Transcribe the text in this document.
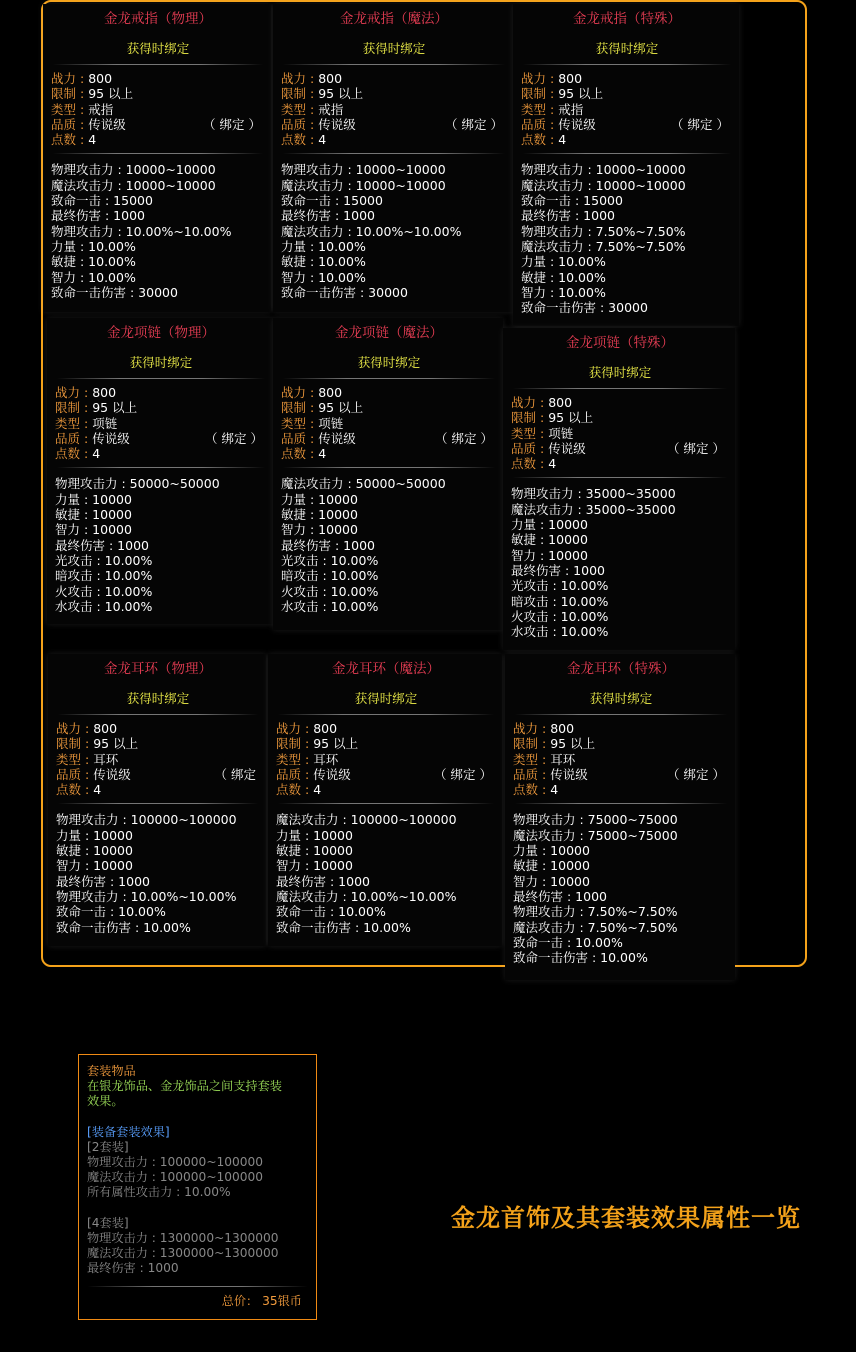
金龙戒指（物理）
获得时绑定
战力 : 800
限制 : 95 以上
类型 : 戒指
品质 : 传说级	（ 绑定 ）
点数 : 4
物理攻击力 : 10000~10000
魔法攻击力 : 10000~10000
致命一击 : 15000
最终伤害 : 1000
物理攻击力 : 10.00%~10.00%
力量 : 10.00%
敏捷 : 10.00%
智力 : 10.00%
致命一击伤害 : 30000
金龙戒指（魔法）
获得时绑定
战力 : 800
限制 : 95 以上
类型 : 戒指
品质 : 传说级	（ 绑定 ）
点数 : 4
物理攻击力 : 10000~10000
魔法攻击力 : 10000~10000
致命一击 : 15000
最终伤害 : 1000
魔法攻击力 : 10.00%~10.00%
力量 : 10.00%
敏捷 : 10.00%
智力 : 10.00%
致命一击伤害 : 30000
金龙戒指（特殊）
获得时绑定
战力 : 800
限制 : 95 以上
类型 : 戒指
品质 : 传说级	（ 绑定 ）
点数 : 4
物理攻击力 : 10000~10000
魔法攻击力 : 10000~10000
致命一击 : 15000
最终伤害 : 1000
物理攻击力 : 7.50%~7.50%
魔法攻击力 : 7.50%~7.50%
力量 : 10.00%
敏捷 : 10.00%
智力 : 10.00%
致命一击伤害 : 30000
金龙项链（物理）
获得时绑定
战力 : 800
限制 : 95 以上
类型 : 项链
品质 : 传说级	（ 绑定 ）
点数 : 4
物理攻击力 : 50000~50000
力量 : 10000
敏捷 : 10000
智力 : 10000
最终伤害 : 1000
光攻击 : 10.00%
暗攻击 : 10.00%
火攻击 : 10.00%
水攻击 : 10.00%
金龙项链（魔法）
获得时绑定
战力 : 800
限制 : 95 以上
类型 : 项链
品质 : 传说级	（ 绑定 ）
点数 : 4
魔法攻击力 : 50000~50000
力量 : 10000
敏捷 : 10000
智力 : 10000
最终伤害 : 1000
光攻击 : 10.00%
暗攻击 : 10.00%
火攻击 : 10.00%
水攻击 : 10.00%
金龙项链（特殊）
获得时绑定
战力 : 800
限制 : 95 以上
类型 : 项链
品质 : 传说级	（ 绑定 ）
点数 : 4
物理攻击力 : 35000~35000
魔法攻击力 : 35000~35000
力量 : 10000
敏捷 : 10000
智力 : 10000
最终伤害 : 1000
光攻击 : 10.00%
暗攻击 : 10.00%
火攻击 : 10.00%
水攻击 : 10.00%
金龙耳环（物理）
获得时绑定
战力 : 800
限制 : 95 以上
类型 : 耳环
品质 : 传说级	（ 绑定
点数 : 4
物理攻击力 : 100000~100000
力量 : 10000
敏捷 : 10000
智力 : 10000
最终伤害 : 1000
物理攻击力 : 10.00%~10.00%
致命一击 : 10.00%
致命一击伤害 : 10.00%
金龙耳环（魔法）
获得时绑定
战力 : 800
限制 : 95 以上
类型 : 耳环
品质 : 传说级	（ 绑定 ）
点数 : 4
魔法攻击力 : 100000~100000
力量 : 10000
敏捷 : 10000
智力 : 10000
最终伤害 : 1000
魔法攻击力 : 10.00%~10.00%
致命一击 : 10.00%
致命一击伤害 : 10.00%
金龙耳环（特殊）
获得时绑定
战力 : 800
限制 : 95 以上
类型 : 耳环
品质 : 传说级	（ 绑定 ）
点数 : 4
物理攻击力 : 75000~75000
魔法攻击力 : 75000~75000
力量 : 10000
敏捷 : 10000
智力 : 10000
最终伤害 : 1000
物理攻击力 : 7.50%~7.50%
魔法攻击力 : 7.50%~7.50%
致命一击 : 10.00%
致命一击伤害 : 10.00%
套装物品
在银龙饰品、金龙饰品之间支持套装
效果。
[装备套装效果]
[2套装]
物理攻击力 : 100000~100000
魔法攻击力 : 100000~100000
所有属性攻击力 : 10.00%
[4套装]
物理攻击力 : 1300000~1300000
魔法攻击力 : 1300000~1300000
最终伤害 : 1000
总价： 35银币
金龙首饰及其套装效果属性一览
